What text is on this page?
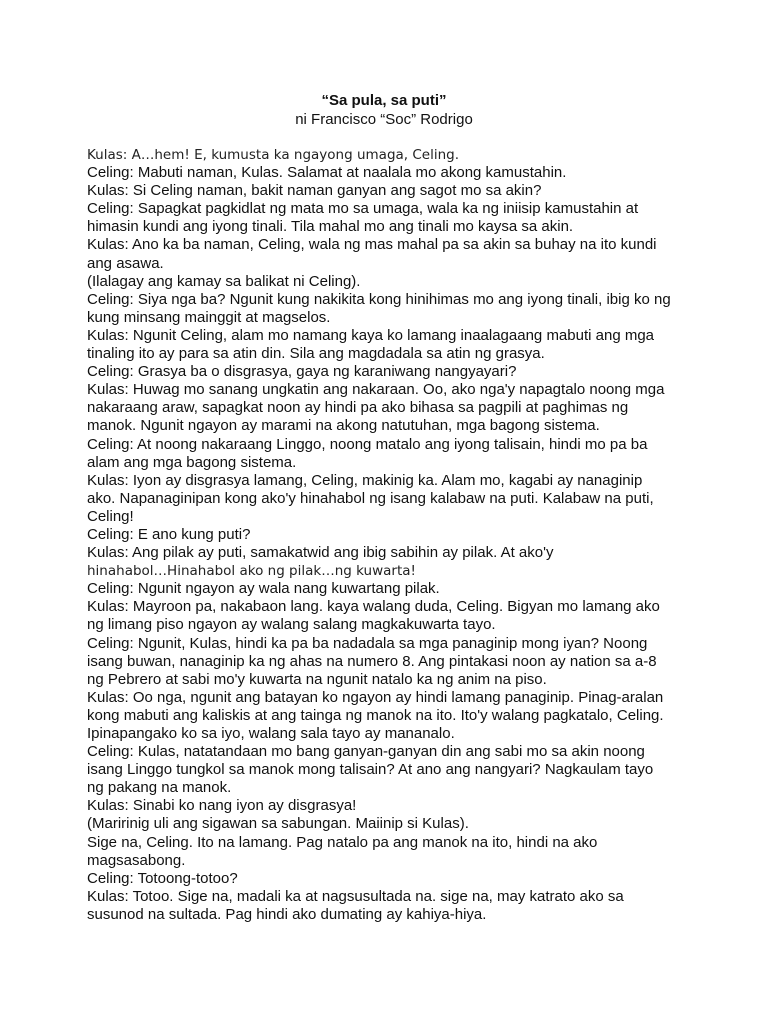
“Sa pula, sa puti”
ni Francisco “Soc” Rodrigo

Kulas: A…hem! E, kumusta ka ngayong umaga, Celing.

Celing: Mabuti naman, Kulas. Salamat at naalala mo akong kamustahin.

Kulas: Si Celing naman, bakit naman ganyan ang sagot mo sa akin?

Celing: Sapagkat pagkidlat ng mata mo sa umaga, wala ka ng iniisip kamustahin at

himasin kundi ang iyong tinali. Tila mahal mo ang tinali mo kaysa sa akin.

Kulas: Ano ka ba naman, Celing, wala ng mas mahal pa sa akin sa buhay na ito kundi

ang asawa.

(Ilalagay ang kamay sa balikat ni Celing).

Celing: Siya nga ba? Ngunit kung nakikita kong hinihimas mo ang iyong tinali, ibig ko ng

kung minsang mainggit at magselos.

Kulas: Ngunit Celing, alam mo namang kaya ko lamang inaalagaang mabuti ang mga

tinaling ito ay para sa atin din. Sila ang magdadala sa atin ng grasya.

Celing: Grasya ba o disgrasya, gaya ng karaniwang nangyayari?

Kulas: Huwag mo sanang ungkatin ang nakaraan. Oo, ako nga'y napagtalo noong mga

nakaraang araw, sapagkat noon ay hindi pa ako bihasa sa pagpili at paghimas ng

manok. Ngunit ngayon ay marami na akong natutuhan, mga bagong sistema.

Celing: At noong nakaraang Linggo, noong matalo ang iyong talisain, hindi mo pa ba

alam ang mga bagong sistema.

Kulas: Iyon ay disgrasya lamang, Celing, makinig ka. Alam mo, kagabi ay nanaginip

ako. Napanaginipan kong ako'y hinahabol ng isang kalabaw na puti. Kalabaw na puti,

Celing!

Celing: E ano kung puti?

Kulas: Ang pilak ay puti, samakatwid ang ibig sabihin ay pilak. At ako'y

hinahabol…Hinahabol ako ng pilak…ng kuwarta!

Celing: Ngunit ngayon ay wala nang kuwartang pilak.

Kulas: Mayroon pa, nakabaon lang. kaya walang duda, Celing. Bigyan mo lamang ako

ng limang piso ngayon ay walang salang magkakuwarta tayo.

Celing: Ngunit, Kulas, hindi ka pa ba nadadala sa mga panaginip mong iyan? Noong

isang buwan, nanaginip ka ng ahas na numero 8. Ang pintakasi noon ay nation sa a-8

ng Pebrero at sabi mo'y kuwarta na ngunit natalo ka ng anim na piso.

Kulas: Oo nga, ngunit ang batayan ko ngayon ay hindi lamang panaginip. Pinag-aralan

kong mabuti ang kaliskis at ang tainga ng manok na ito. Ito'y walang pagkatalo, Celing.

Ipinapangako ko sa iyo, walang sala tayo ay mananalo.

Celing: Kulas, natatandaan mo bang ganyan-ganyan din ang sabi mo sa akin noong

isang Linggo tungkol sa manok mong talisain? At ano ang nangyari? Nagkaulam tayo

ng pakang na manok.

Kulas: Sinabi ko nang iyon ay disgrasya!

(Maririnig uli ang sigawan sa sabungan. Maiinip si Kulas).

Sige na, Celing. Ito na lamang. Pag natalo pa ang manok na ito, hindi na ako

magsasabong.

Celing: Totoong-totoo?

Kulas: Totoo. Sige na, madali ka at nagsusultada na. sige na, may katrato ako sa

susunod na sultada. Pag hindi ako dumating ay kahiya-hiya.
